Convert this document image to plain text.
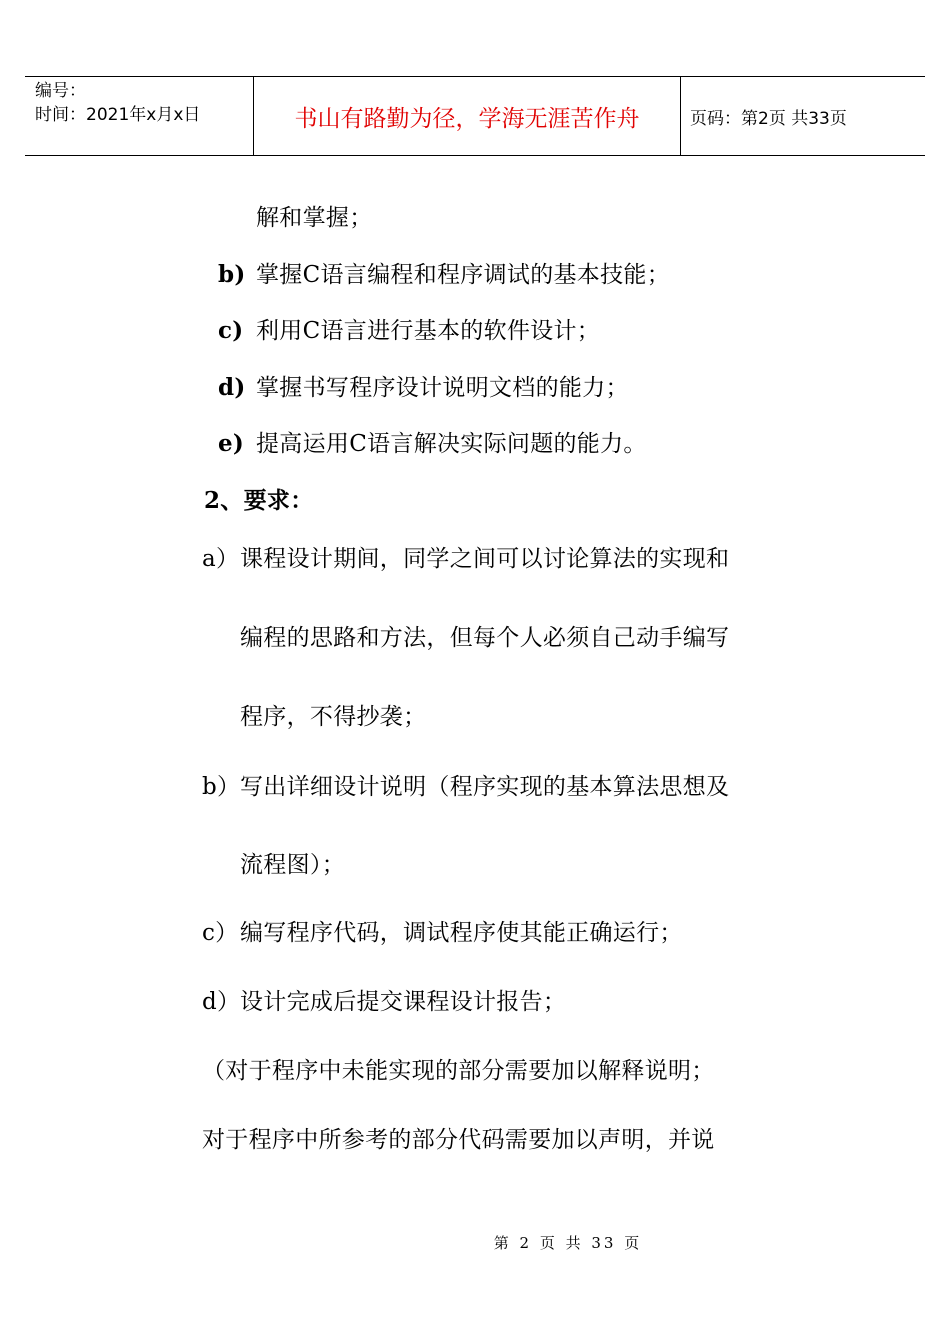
编号：
时间：2021年x月x日	书山有路勤为径，学海无涯苦作舟	页码：第2页 共33页
解和掌握；
b) 掌握C语言编程和程序调试的基本技能；
c) 利用C语言进行基本的软件设计；
d) 掌握书写程序设计说明文档的能力；
e) 提高运用C语言解决实际问题的能力。
2、要求：
a）课程设计期间，同学之间可以讨论算法的实现和
编程的思路和方法，但每个人必须自己动手编写
程序，不得抄袭；
b）写出详细设计说明（程序实现的基本算法思想及
流程图）；
c）编写程序代码，调试程序使其能正确运行；
d）设计完成后提交课程设计报告；
（对于程序中未能实现的部分需要加以解释说明；
对于程序中所参考的部分代码需要加以声明，并说
第 2 页 共 33 页
